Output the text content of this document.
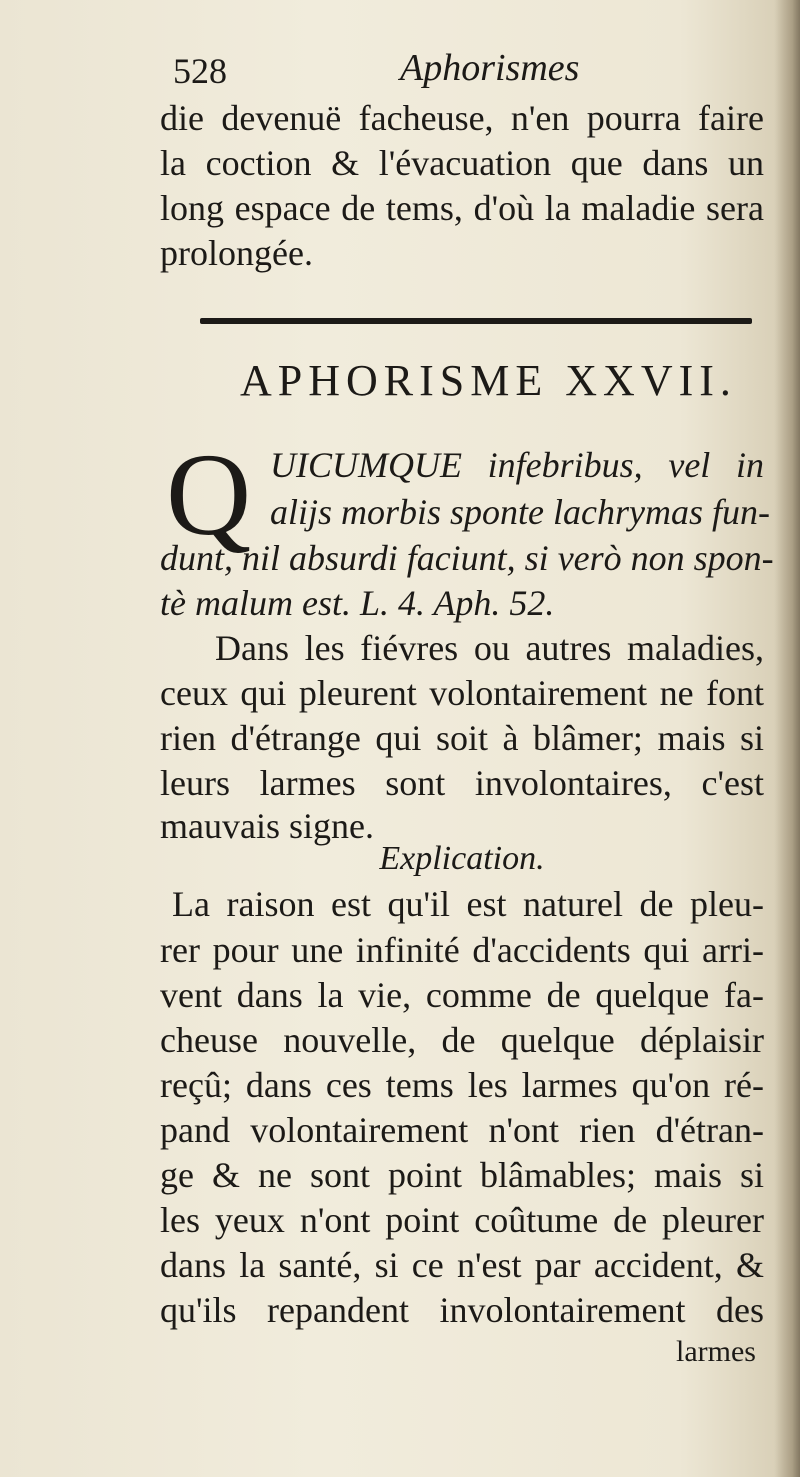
528	Aphorismes
die devenuë facheuse, n'en pourra faire
la coction & l'évacuation que dans un
long espace de tems, d'où la maladie sera
prolongée.
APHORISME XXVII.
Q UICUMQUE infebribus, vel in
alijs morbis sponte lachrymas fun-
dunt, nil absurdi faciunt, si verò non spon-
tè malum est. L. 4. Aph. 52.
Dans les fiévres ou autres maladies,
ceux qui pleurent volontairement ne font
rien d'étrange qui soit à blâmer; mais si
leurs larmes sont involontaires, c'est
mauvais signe.
Explication.
La raison est qu'il est naturel de pleu-
rer pour une infinité d'accidents qui arri-
vent dans la vie, comme de quelque fa-
cheuse nouvelle, de quelque déplaisir
reçû; dans ces tems les larmes qu'on ré-
pand volontairement n'ont rien d'étran-
ge & ne sont point blâmables; mais si
les yeux n'ont point coûtume de pleurer
dans la santé, si ce n'est par accident, &
qu'ils repandent involontairement des
larmes
